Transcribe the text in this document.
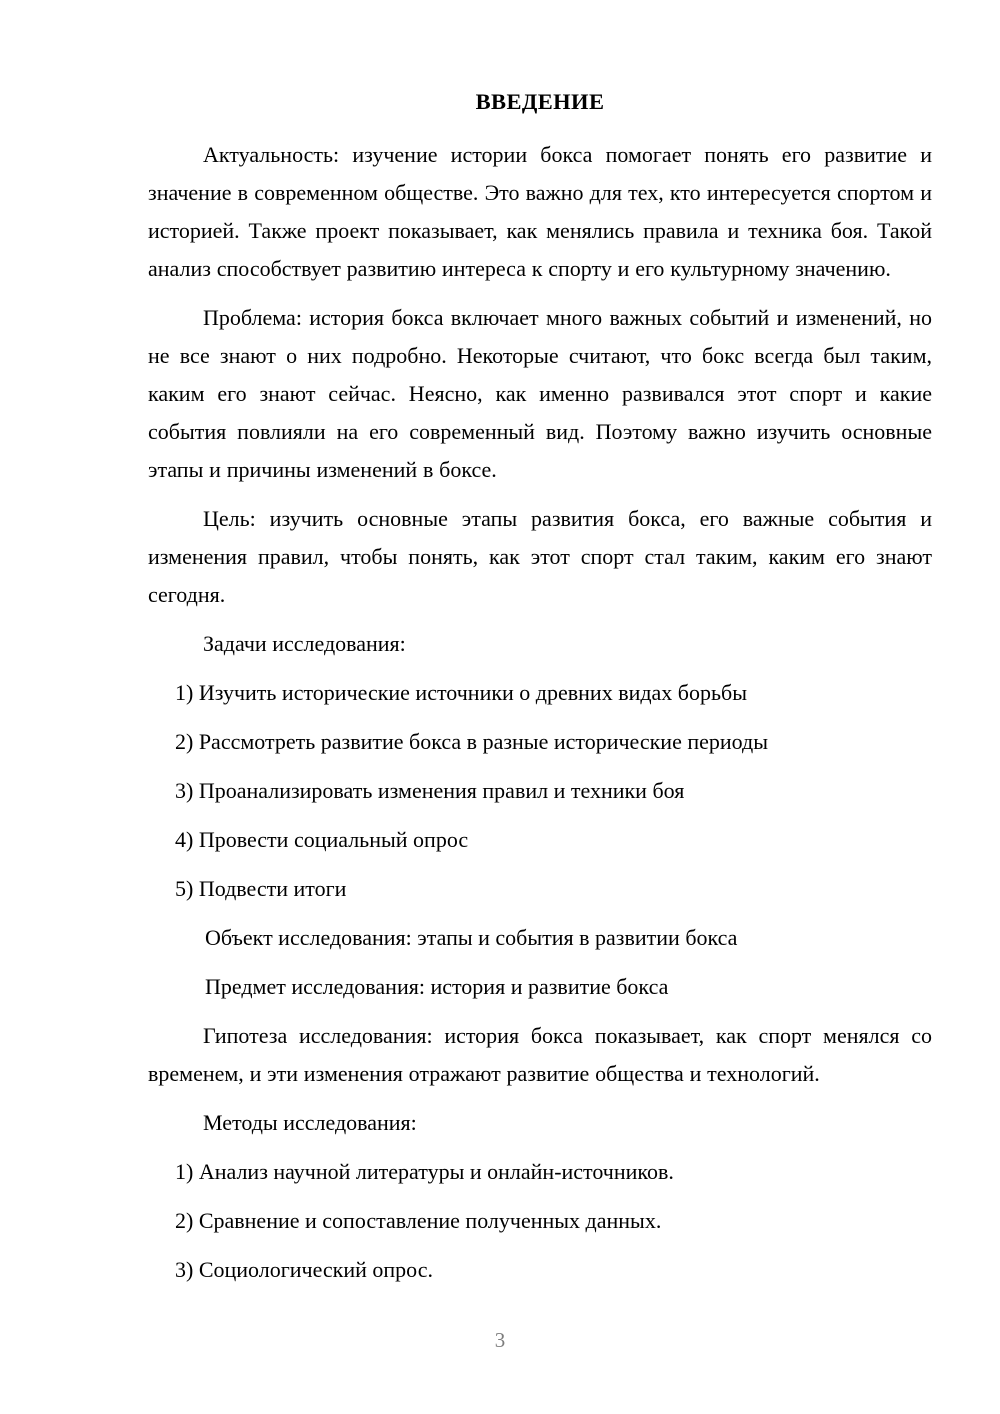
ВВЕДЕНИЕ

Актуальность: изучение истории бокса помогает понять его развитие и значение в современном обществе. Это важно для тех, кто интересуется спортом и историей. Также проект показывает, как менялись правила и техника боя. Такой анализ способствует развитию интереса к спорту и его культурному значению.

Проблема: история бокса включает много важных событий и изменений, но не все знают о них подробно. Некоторые считают, что бокс всегда был таким, каким его знают сейчас. Неясно, как именно развивался этот спорт и какие события повлияли на его современный вид. Поэтому важно изучить основные этапы и причины изменений в боксе.

Цель: изучить основные этапы развития бокса, его важные события и изменения правил, чтобы понять, как этот спорт стал таким, каким его знают сегодня.

Задачи исследования:

1) Изучить исторические источники о древних видах борьбы
2) Рассмотреть развитие бокса в разные исторические периоды
3) Проанализировать изменения правил и техники боя
4) Провести социальный опрос
5) Подвести итоги

Объект исследования: этапы и события в развитии бокса

Предмет исследования: история и развитие бокса

Гипотеза исследования: история бокса показывает, как спорт менялся со временем, и эти изменения отражают развитие общества и технологий.

Методы исследования:

1) Анализ научной литературы и онлайн-источников.
2) Сравнение и сопоставление полученных данных.
3) Социологический опрос.
3
